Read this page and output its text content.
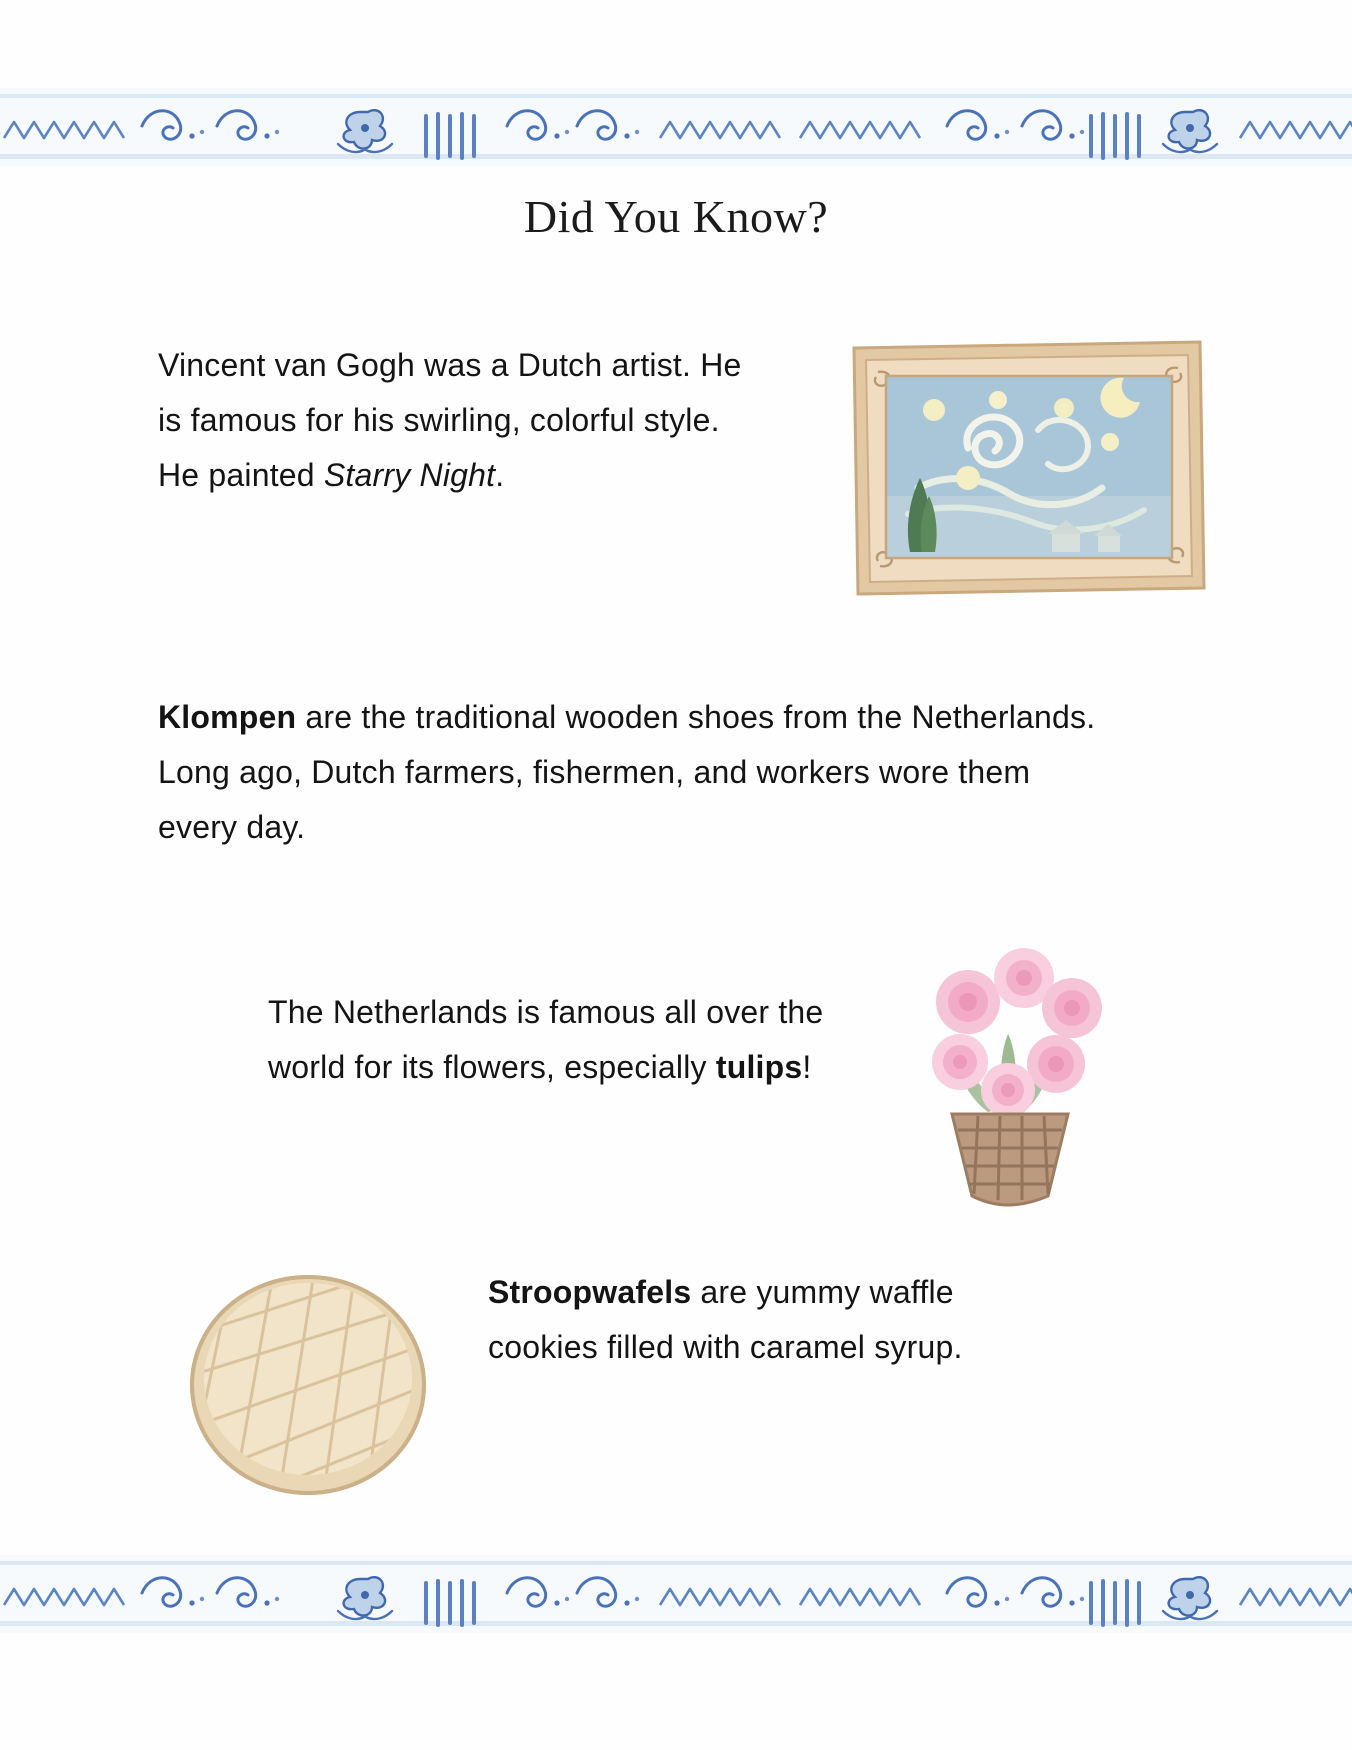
Did You Know?
Vincent van Gogh was a Dutch artist. He is famous for his swirling, colorful style. He painted Starry Night.
Klompen are the traditional wooden shoes from the Netherlands. Long ago, Dutch farmers, fishermen, and workers wore them every day.
The Netherlands is famous all over the world for its flowers, especially tulips!
Stroopwafels are yummy waffle cookies filled with caramel syrup.
